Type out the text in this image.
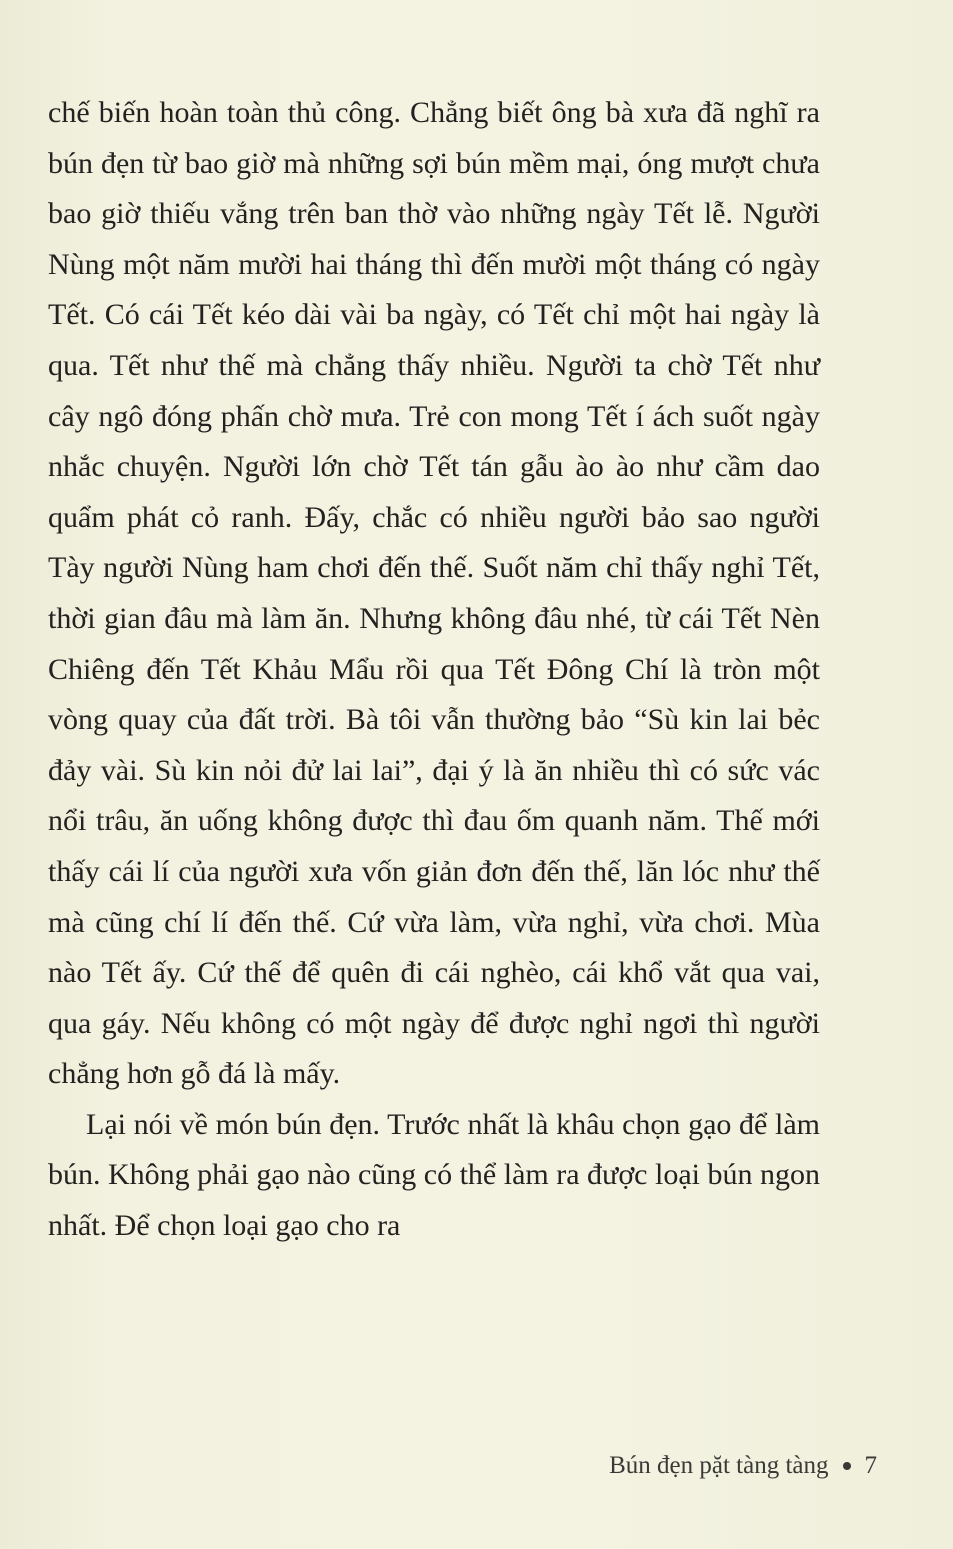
chế biến hoàn toàn thủ công. Chẳng biết ông bà xưa đã nghĩ ra bún đẹn từ bao giờ mà những sợi bún mềm mại, óng mượt chưa bao giờ thiếu vắng trên ban thờ vào những ngày Tết lễ. Người Nùng một năm mười hai tháng thì đến mười một tháng có ngày Tết. Có cái Tết kéo dài vài ba ngày, có Tết chỉ một hai ngày là qua. Tết như thế mà chẳng thấy nhiều. Người ta chờ Tết như cây ngô đóng phấn chờ mưa. Trẻ con mong Tết í ách suốt ngày nhắc chuyện. Người lớn chờ Tết tán gẫu ào ào như cầm dao quẩm phát cỏ ranh. Đấy, chắc có nhiều người bảo sao người Tày người Nùng ham chơi đến thế. Suốt năm chỉ thấy nghỉ Tết, thời gian đâu mà làm ăn. Nhưng không đâu nhé, từ cái Tết Nèn Chiêng đến Tết Khảu Mẩu rồi qua Tết Đông Chí là tròn một vòng quay của đất trời. Bà tôi vẫn thường bảo “Sù kin lai bẻc đảy vài. Sù kin nỏi đử lai lai”, đại ý là ăn nhiều thì có sức vác nổi trâu, ăn uống không được thì đau ốm quanh năm. Thế mới thấy cái lí của người xưa vốn giản đơn đến thế, lăn lóc như thế mà cũng chí lí đến thế. Cứ vừa làm, vừa nghỉ, vừa chơi. Mùa nào Tết ấy. Cứ thế để quên đi cái nghèo, cái khổ vắt qua vai, qua gáy. Nếu không có một ngày để được nghỉ ngơi thì người chẳng hơn gỗ đá là mấy.

Lại nói về món bún đẹn. Trước nhất là khâu chọn gạo để làm bún. Không phải gạo nào cũng có thể làm ra được loại bún ngon nhất. Để chọn loại gạo cho ra

Bún đẹn pặt tàng tàng 7
